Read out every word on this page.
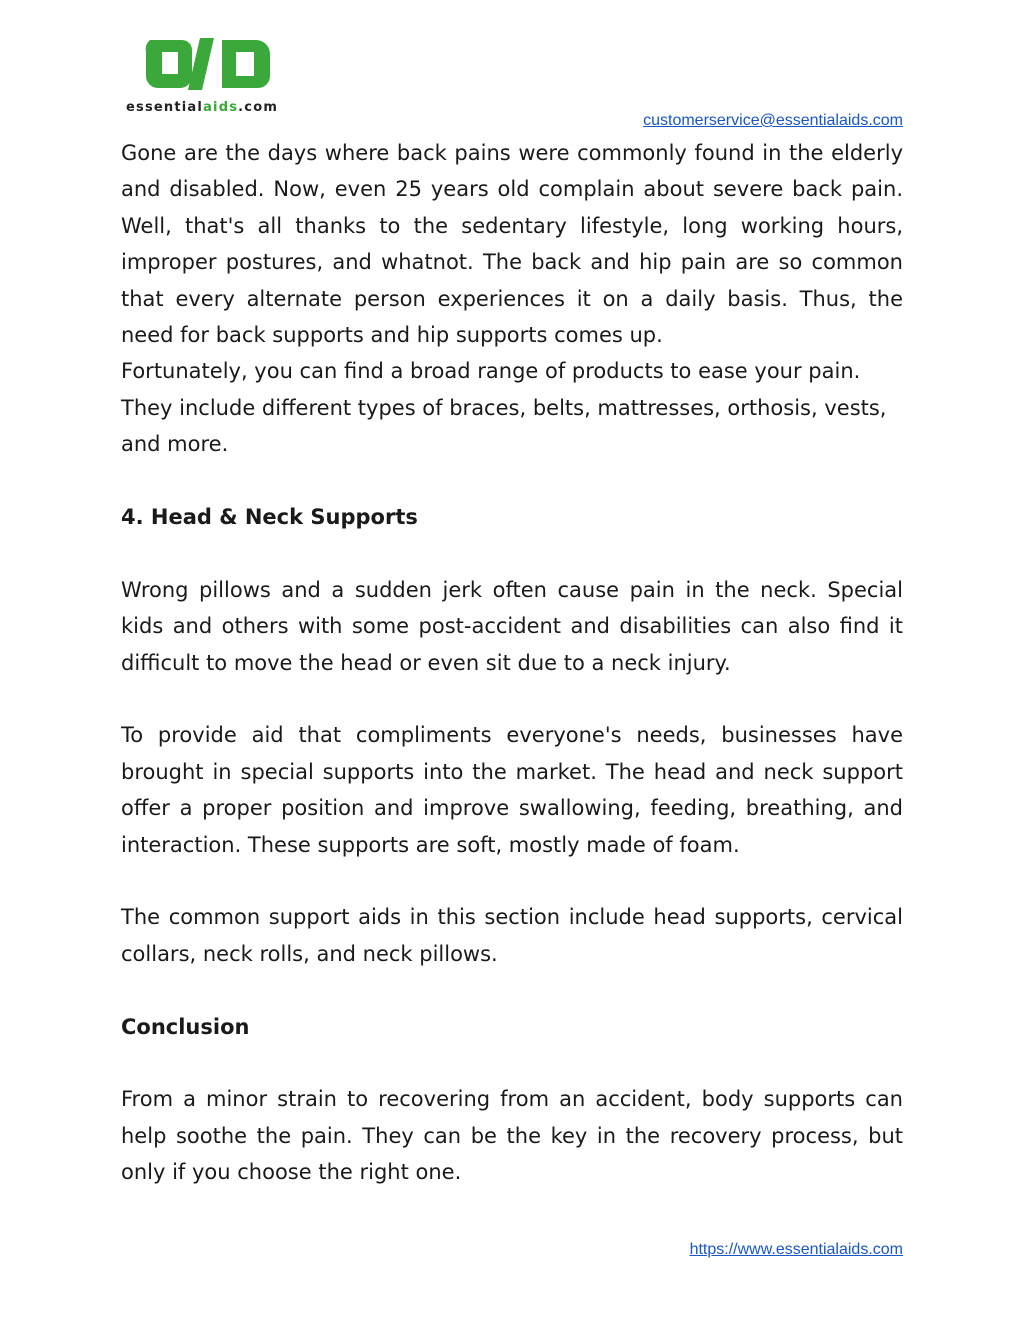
essentialaids.com
customerservice@essentialaids.com

Gone are the days where back pains were commonly found in the elderly and disabled. Now, even 25 years old complain about severe back pain. Well, that's all thanks to the sedentary lifestyle, long working hours, improper postures, and whatnot. The back and hip pain are so common that every alternate person experiences it on a daily basis. Thus, the need for back supports and hip supports comes up.

Fortunately, you can find a broad range of products to ease your pain. They include different types of braces, belts, mattresses, orthosis, vests, and more.

4. Head & Neck Supports

Wrong pillows and a sudden jerk often cause pain in the neck. Special kids and others with some post-accident and disabilities can also find it difficult to move the head or even sit due to a neck injury.

To provide aid that compliments everyone's needs, businesses have brought in special supports into the market. The head and neck support offer a proper position and improve swallowing, feeding, breathing, and interaction. These supports are soft, mostly made of foam.

The common support aids in this section include head supports, cervical collars, neck rolls, and neck pillows.

Conclusion

From a minor strain to recovering from an accident, body supports can help soothe the pain. They can be the key in the recovery process, but only if you choose the right one.

https://www.essentialaids.com
